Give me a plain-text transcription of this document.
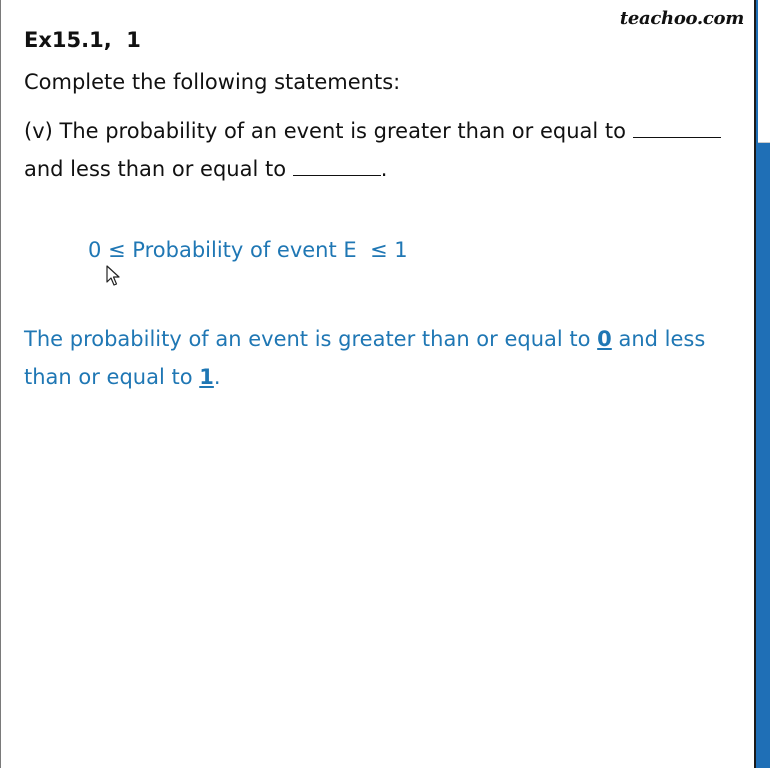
teachoo.com
Ex15.1,  1
Complete the following statements:
(v) The probability of an event is greater than or equal to  and less than or equal to	.
0 ≤ Probability of event E  ≤ 1
The probability of an event is greater than or equal to 0 and less than or equal to 1.
